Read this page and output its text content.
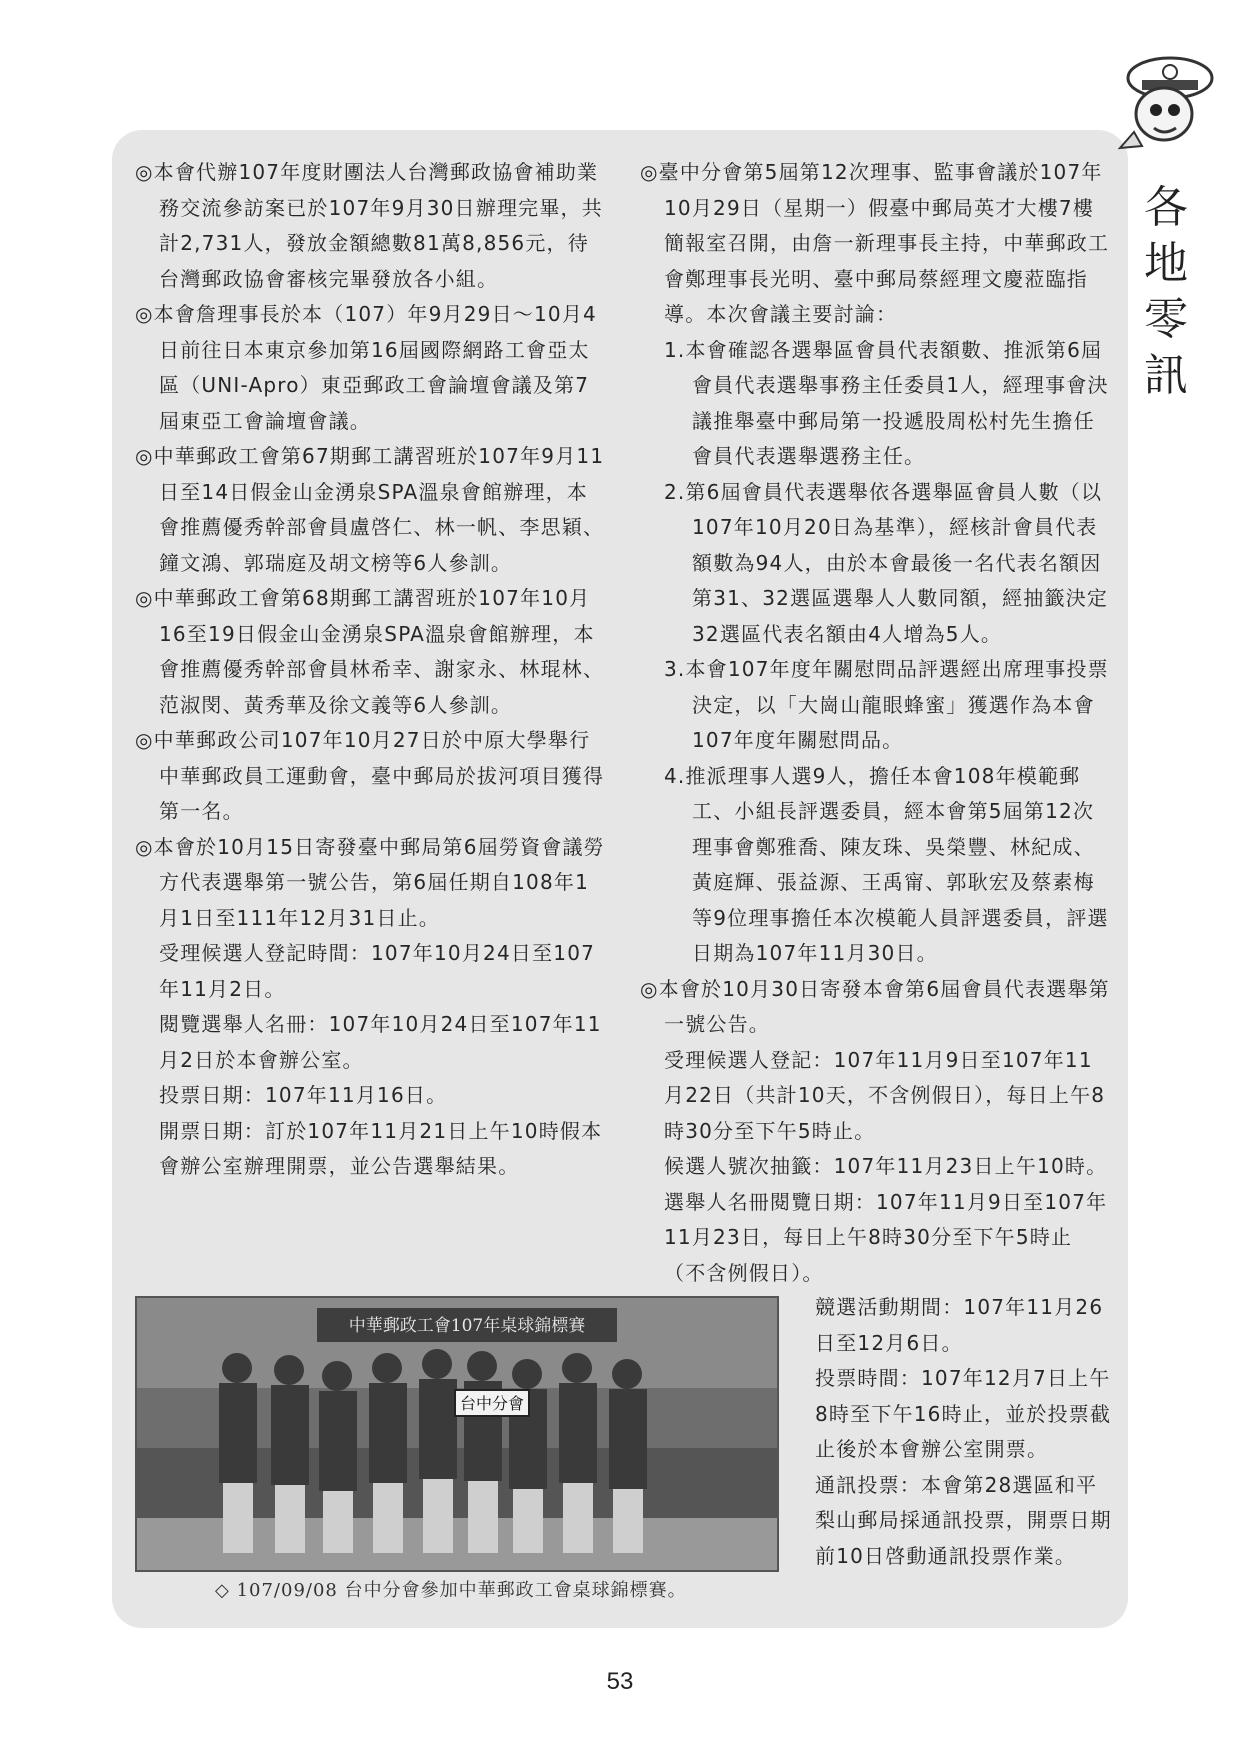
各
地
零
訊

◎本會代辦107年度財團法人台灣郵政協會補助業務交流參訪案已於107年9月30日辦理完畢，共計2,731人，發放金額總數81萬8,856元，待台灣郵政協會審核完畢發放各小組。

◎本會詹理事長於本（107）年9月29日～10月4日前往日本東京參加第16屆國際網路工會亞太區（UNI-Apro）東亞郵政工會論壇會議及第7屆東亞工會論壇會議。

◎中華郵政工會第67期郵工講習班於107年9月11日至14日假金山金湧泉SPA溫泉會館辦理，本會推薦優秀幹部會員盧啓仁、林一帆、李思穎、鐘文鴻、郭瑞庭及胡文榜等6人參訓。

◎中華郵政工會第68期郵工講習班於107年10月16至19日假金山金湧泉SPA溫泉會館辦理，本會推薦優秀幹部會員林希幸、謝家永、林琨林、范淑閔、黃秀華及徐文義等6人參訓。

◎中華郵政公司107年10月27日於中原大學舉行中華郵政員工運動會，臺中郵局於拔河項目獲得第一名。

◎本會於10月15日寄發臺中郵局第6屆勞資會議勞方代表選舉第一號公告，第6屆任期自108年1月1日至111年12月31日止。

受理候選人登記時間：107年10月24日至107年11月2日。

閱覽選舉人名冊：107年10月24日至107年11月2日於本會辦公室。

投票日期：107年11月16日。

開票日期：訂於107年11月21日上午10時假本會辦公室辦理開票，並公告選舉結果。

◎臺中分會第5屆第12次理事、監事會議於107年10月29日（星期一）假臺中郵局英才大樓7樓簡報室召開，由詹一新理事長主持，中華郵政工會鄭理事長光明、臺中郵局蔡經理文慶蒞臨指導。本次會議主要討論：

1.本會確認各選舉區會員代表額數、推派第6屆會員代表選舉事務主任委員1人，經理事會決議推舉臺中郵局第一投遞股周松村先生擔任會員代表選舉選務主任。

2.第6屆會員代表選舉依各選舉區會員人數（以107年10月20日為基準），經核計會員代表額數為94人，由於本會最後一名代表名額因第31、32選區選舉人人數同額，經抽籤決定32選區代表名額由4人增為5人。

3.本會107年度年關慰問品評選經出席理事投票決定，以「大崗山龍眼蜂蜜」獲選作為本會107年度年關慰問品。

4.推派理事人選9人，擔任本會108年模範郵工、小組長評選委員，經本會第5屆第12次理事會鄭雅喬、陳友珠、吳榮豐、林紀成、黃庭輝、張益源、王禹甯、郭耿宏及蔡素梅等9位理事擔任本次模範人員評選委員，評選日期為107年11月30日。

◎本會於10月30日寄發本會第6屆會員代表選舉第一號公告。

受理候選人登記：107年11月9日至107年11月22日（共計10天，不含例假日），每日上午8時30分至下午5時止。

候選人號次抽籤：107年11月23日上午10時。

選舉人名冊閱覽日期：107年11月9日至107年11月23日，每日上午8時30分至下午5時止（不含例假日）。

競選活動期間：107年11月26日至12月6日。

投票時間：107年12月7日上午8時至下午16時止，並於投票截止後於本會辦公室開票。

通訊投票：本會第28選區和平梨山郵局採通訊投票，開票日期前10日啓動通訊投票作業。

中華郵政工會107年桌球錦標賽
台中分會
◇ 107/09/08 台中分會參加中華郵政工會桌球錦標賽。
53
